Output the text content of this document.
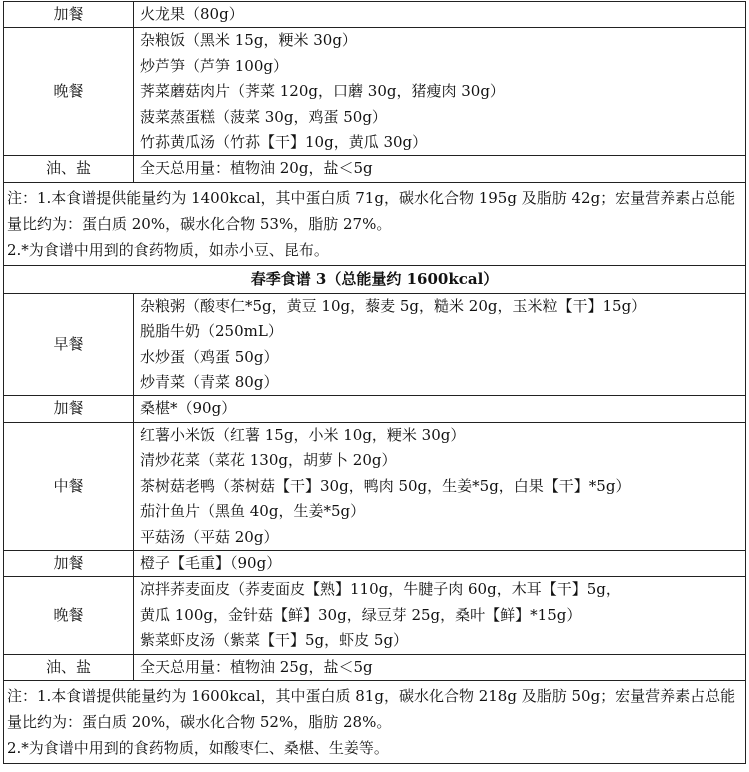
加餐	火龙果（80g）

晚餐	杂粮饭（黑米 15g，粳米 30g）
炒芦笋（芦笋 100g）
荠菜蘑菇肉片（荠菜 120g，口蘑 30g，猪瘦肉 30g）
菠菜蒸蛋糕（菠菜 30g，鸡蛋 50g）
竹荪黄瓜汤（竹荪【干】10g，黄瓜 30g）

油、盐	全天总用量：植物油 20g，盐＜5g

注：1.本食谱提供能量约为 1400kcal，其中蛋白质 71g，碳水化合物 195g 及脂肪 42g；宏量营养素占总能量比约为：蛋白质 20%，碳水化合物 53%，脂肪 27%。
2.*为食谱中用到的食药物质，如赤小豆、昆布。	

春季食谱 3（总能量约 1600kcal）	
早餐	杂粮粥（酸枣仁*5g，黄豆 10g，藜麦 5g，糙米 20g，玉米粒【干】15g）
脱脂牛奶（250mL）
水炒蛋（鸡蛋 50g）
炒青菜（青菜 80g）

加餐	桑椹*（90g）

中餐	红薯小米饭（红薯 15g，小米 10g，粳米 30g）
清炒花菜（菜花 130g，胡萝卜 20g）
茶树菇老鸭（茶树菇【干】30g，鸭肉 50g，生姜*5g，白果【干】*5g）
茄汁鱼片（黑鱼 40g，生姜*5g）
平菇汤（平菇 20g）

加餐	橙子【毛重】（90g）

晚餐	凉拌荞麦面皮（荞麦面皮【熟】110g，牛腱子肉 60g，木耳【干】5g，
黄瓜 100g，金针菇【鲜】30g，绿豆芽 25g，桑叶【鲜】*15g）
紫菜虾皮汤（紫菜【干】5g，虾皮 5g）

油、盐	全天总用量：植物油 25g，盐＜5g

注：1.本食谱提供能量约为 1600kcal，其中蛋白质 81g，碳水化合物 218g 及脂肪 50g；宏量营养素占总能量比约为：蛋白质 20%，碳水化合物 52%，脂肪 28%。
2.*为食谱中用到的食药物质，如酸枣仁、桑椹、生姜等。	
